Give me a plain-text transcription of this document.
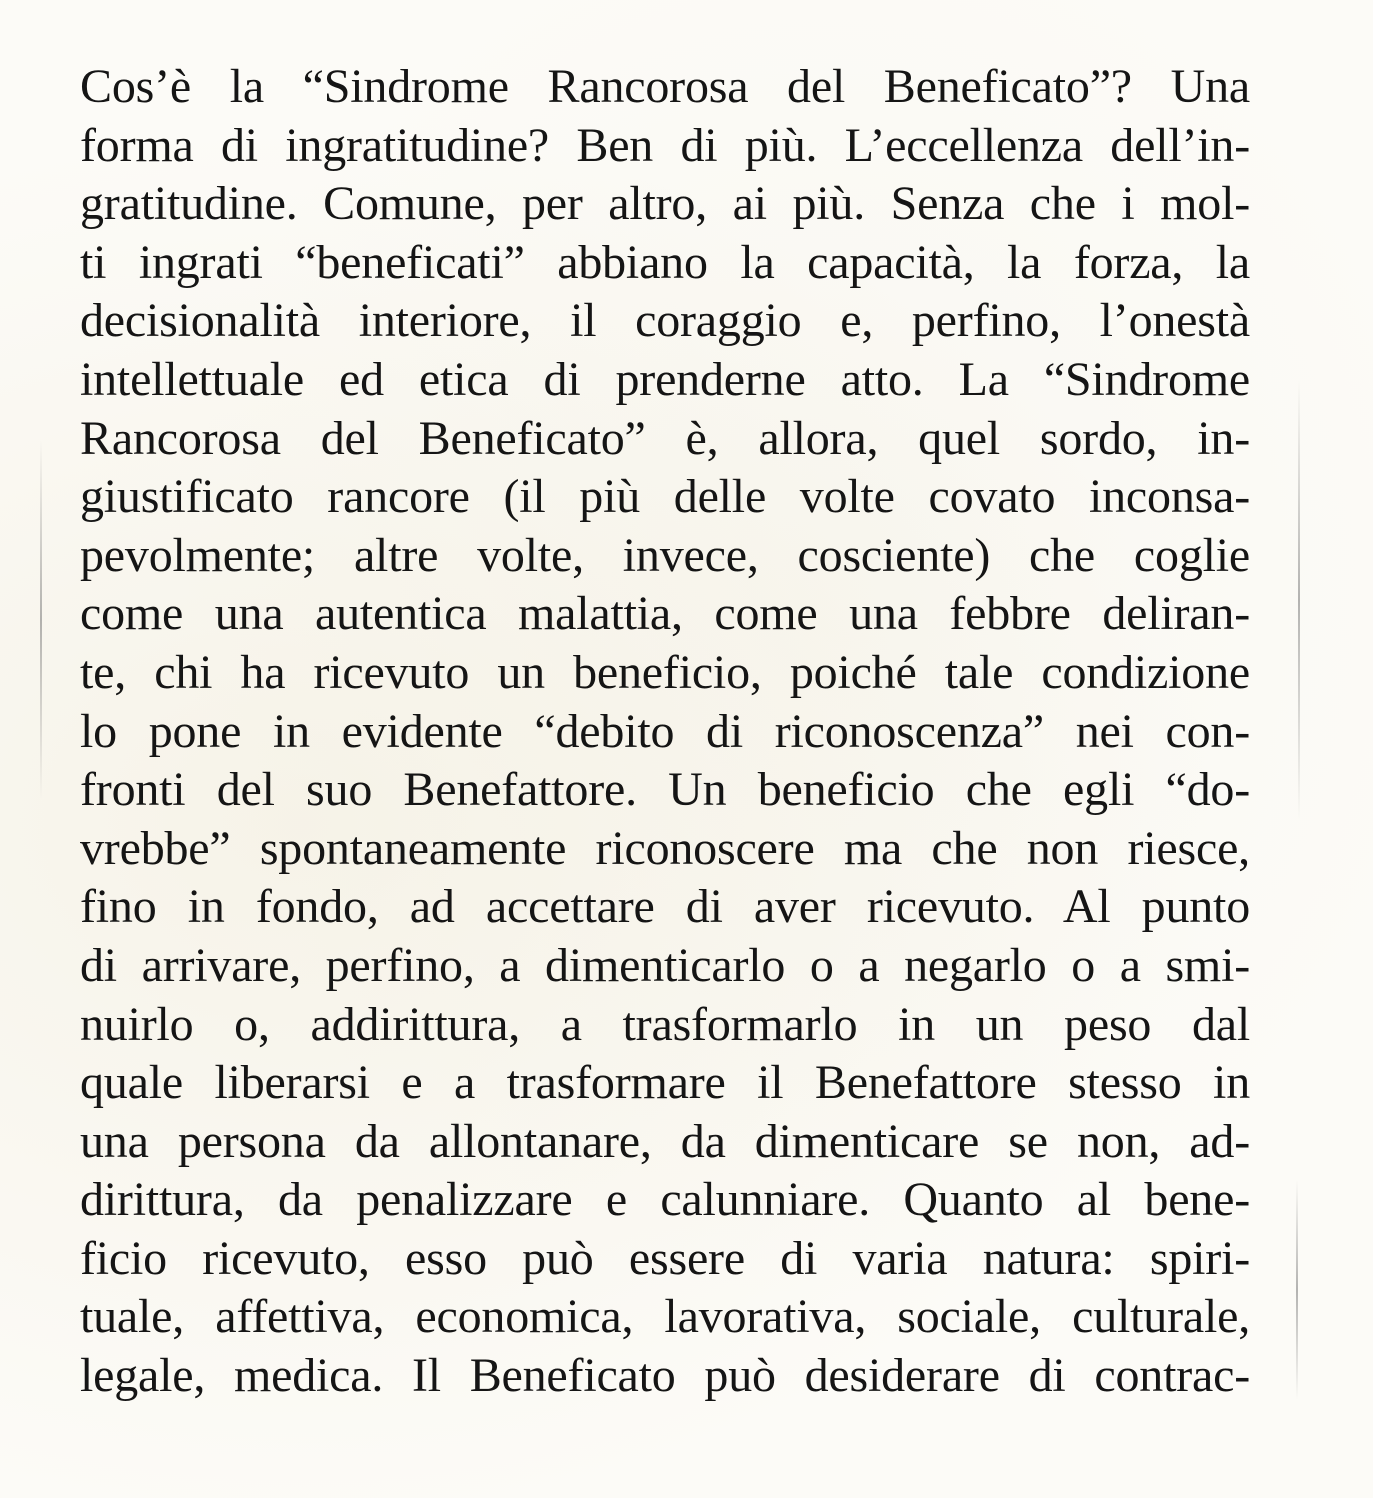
Cos’è la “Sindrome Rancorosa del Beneficato”? Una
forma di ingratitudine? Ben di più. L’eccellenza dell’in-
gratitudine. Comune, per altro, ai più. Senza che i mol-
ti ingrati “beneficati” abbiano la capacità, la forza, la
decisionalità interiore, il coraggio e, perfino, l’onestà
intellettuale ed etica di prenderne atto. La “Sindrome
Rancorosa del Beneficato” è, allora, quel sordo, in-
giustificato rancore (il più delle volte covato inconsa-
pevolmente; altre volte, invece, cosciente) che coglie
come una autentica malattia, come una febbre deliran-
te, chi ha ricevuto un beneficio, poiché tale condizione
lo pone in evidente “debito di riconoscenza” nei con-
fronti del suo Benefattore. Un beneficio che egli “do-
vrebbe” spontaneamente riconoscere ma che non riesce,
fino in fondo, ad accettare di aver ricevuto. Al punto
di arrivare, perfino, a dimenticarlo o a negarlo o a smi-
nuirlo o, addirittura, a trasformarlo in un peso dal
quale liberarsi e a trasformare il Benefattore stesso in
una persona da allontanare, da dimenticare se non, ad-
dirittura, da penalizzare e calunniare. Quanto al bene-
ficio ricevuto, esso può essere di varia natura: spiri-
tuale, affettiva, economica, lavorativa, sociale, culturale,
legale, medica. Il Beneficato può desiderare di contrac-
